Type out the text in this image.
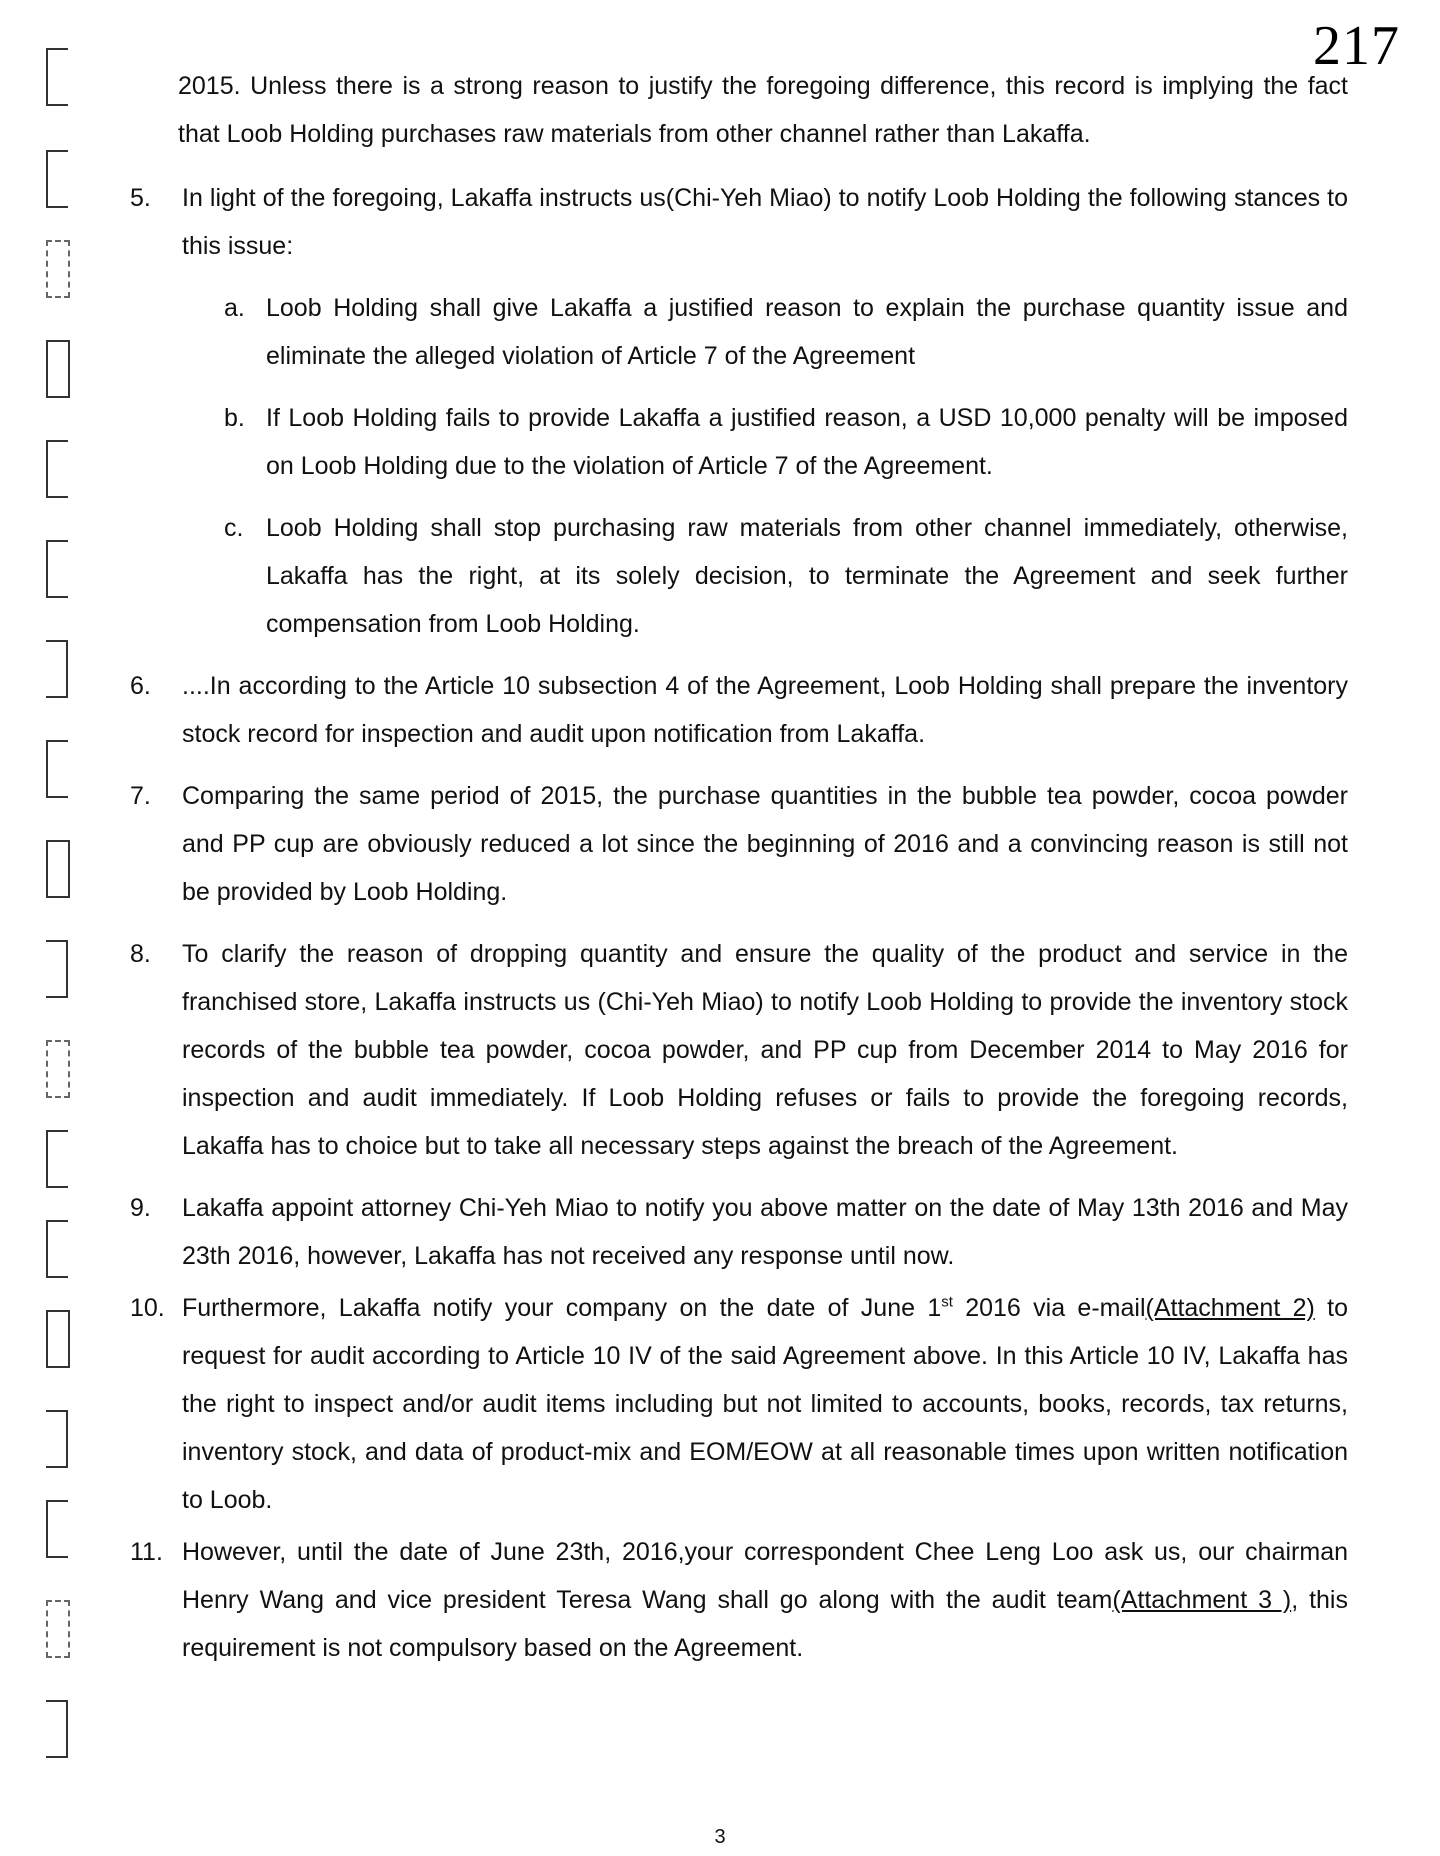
217
2015. Unless there is a strong reason to justify the foregoing difference, this record is implying the fact that Loob Holding purchases raw materials from other channel rather than Lakaffa.
5.	In light of the foregoing, Lakaffa instructs us(Chi-Yeh Miao) to notify Loob Holding the following stances to this issue:
a. Loob Holding shall give Lakaffa a justified reason to explain the purchase quantity issue and eliminate the alleged violation of Article 7 of the Agreement
b. If Loob Holding fails to provide Lakaffa a justified reason, a USD 10,000 penalty will be imposed on Loob Holding due to the violation of Article 7 of the Agreement.
c. Loob Holding shall stop purchasing raw materials from other channel immediately, otherwise, Lakaffa has the right, at its solely decision, to terminate the Agreement and seek further compensation from Loob Holding.
6.	....In according to the Article 10 subsection 4 of the Agreement, Loob Holding shall prepare the inventory stock record for inspection and audit upon notification from Lakaffa.
7.	Comparing the same period of 2015, the purchase quantities in the bubble tea powder, cocoa powder and PP cup are obviously reduced a lot since the beginning of 2016 and a convincing reason is still not be provided by Loob Holding.
8.	To clarify the reason of dropping quantity and ensure the quality of the product and service in the franchised store, Lakaffa instructs us (Chi-Yeh Miao) to notify Loob Holding to provide the inventory stock records of the bubble tea powder, cocoa powder, and PP cup from December 2014 to May 2016 for inspection and audit immediately. If Loob Holding refuses or fails to provide the foregoing records, Lakaffa has to choice but to take all necessary steps against the breach of the Agreement.
9.	Lakaffa appoint attorney Chi-Yeh Miao to notify you above matter on the date of May 13th 2016 and May 23th 2016, however, Lakaffa has not received any response until now.
10. Furthermore, Lakaffa notify your company on the date of June 1st 2016 via e-mail(Attachment 2) to request for audit according to Article 10 IV of the said Agreement above. In this Article 10 IV, Lakaffa has the right to inspect and/or audit items including but not limited to accounts, books, records, tax returns, inventory stock, and data of product-mix and EOM/EOW at all reasonable times upon written notification to Loob.
11. However, until the date of June 23th, 2016,your correspondent Chee Leng Loo ask us, our chairman Henry Wang and vice president Teresa Wang shall go along with the audit team(Attachment 3 ), this requirement is not compulsory based on the Agreement.
3
